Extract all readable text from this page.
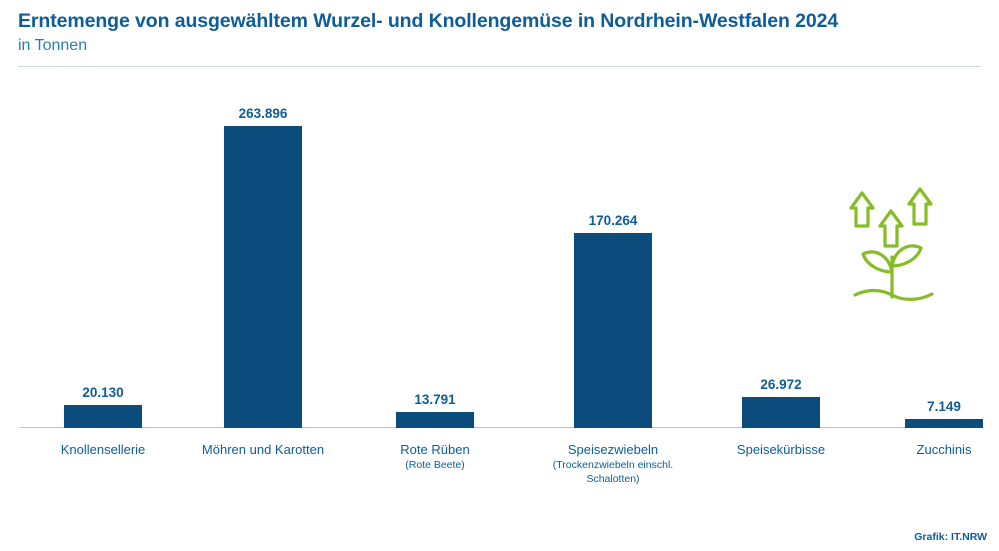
Erntemenge von ausgewähltem Wurzel- und Knollengemüse in Nordrhein-Westfalen 2024
in Tonnen
20.130
263.896
13.791
170.264
26.972
7.149
Knollensellerie	Möhren und Karotten	Rote Rüben
(Rote Beete)
Speisezwiebeln
(Trockenzwiebeln einschl. Schalotten)
Speisekürbisse	Zucchinis
Grafik: IT.NRW
